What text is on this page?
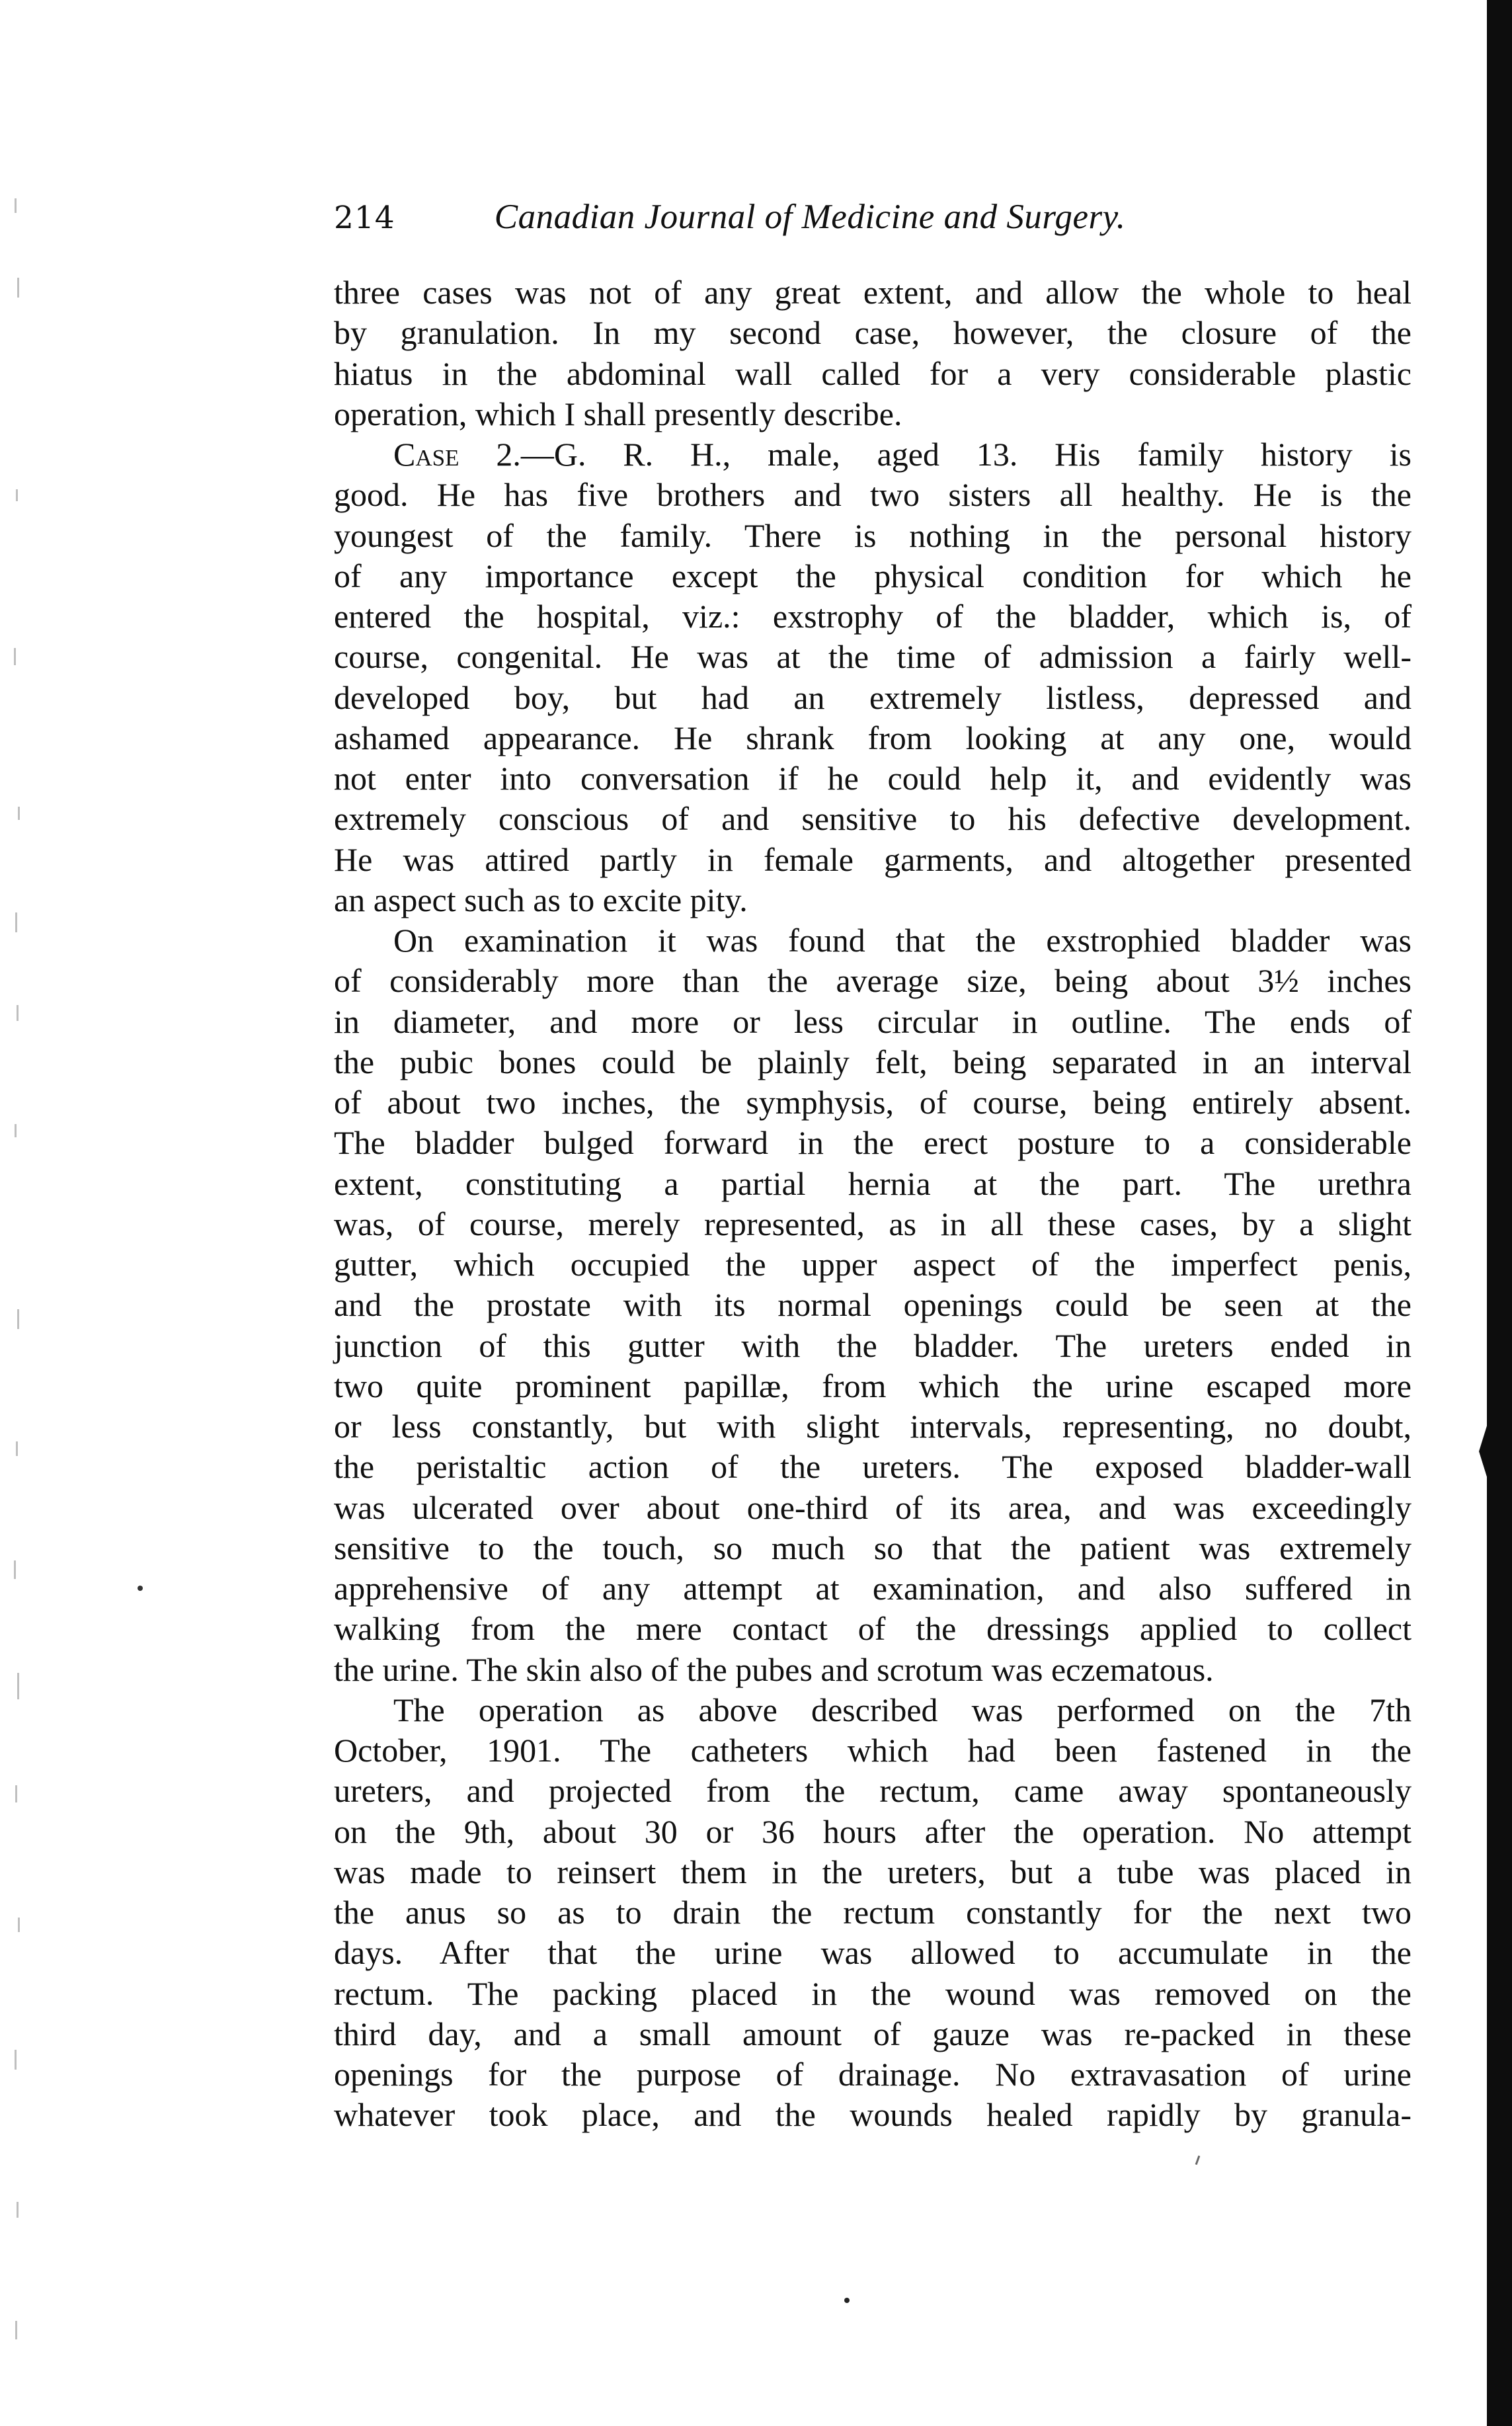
214	Canadian Journal of Medicine and Surgery.
three cases was not of any great extent, and allow the whole to heal
by granulation. In my second case, however, the closure of the
hiatus in the abdominal wall called for a very considerable plastic
operation, which I shall presently describe.
Case 2.—G. R. H., male, aged 13. His family history is
good. He has five brothers and two sisters all healthy. He is the
youngest of the family. There is nothing in the personal history
of any importance except the physical condition for which he
entered the hospital, viz.: exstrophy of the bladder, which is, of
course, congenital. He was at the time of admission a fairly well-
developed boy, but had an extremely listless, depressed and
ashamed appearance. He shrank from looking at any one, would
not enter into conversation if he could help it, and evidently was
extremely conscious of and sensitive to his defective development.
He was attired partly in female garments, and altogether presented
an aspect such as to excite pity.
On examination it was found that the exstrophied bladder was
of considerably more than the average size, being about 3½ inches
in diameter, and more or less circular in outline. The ends of
the pubic bones could be plainly felt, being separated in an interval
of about two inches, the symphysis, of course, being entirely absent.
The bladder bulged forward in the erect posture to a considerable
extent, constituting a partial hernia at the part. The urethra
was, of course, merely represented, as in all these cases, by a slight
gutter, which occupied the upper aspect of the imperfect penis,
and the prostate with its normal openings could be seen at the
junction of this gutter with the bladder. The ureters ended in
two quite prominent papillæ, from which the urine escaped more
or less constantly, but with slight intervals, representing, no doubt,
the peristaltic action of the ureters. The exposed bladder-wall
was ulcerated over about one-third of its area, and was exceedingly
sensitive to the touch, so much so that the patient was extremely
apprehensive of any attempt at examination, and also suffered in
walking from the mere contact of the dressings applied to collect
the urine. The skin also of the pubes and scrotum was eczematous.
The operation as above described was performed on the 7th
October, 1901. The catheters which had been fastened in the
ureters, and projected from the rectum, came away spontaneously
on the 9th, about 30 or 36 hours after the operation. No attempt
was made to reinsert them in the ureters, but a tube was placed in
the anus so as to drain the rectum constantly for the next two
days. After that the urine was allowed to accumulate in the
rectum. The packing placed in the wound was removed on the
third day, and a small amount of gauze was re-packed in these
openings for the purpose of drainage. No extravasation of urine
whatever took place, and the wounds healed rapidly by granula-
